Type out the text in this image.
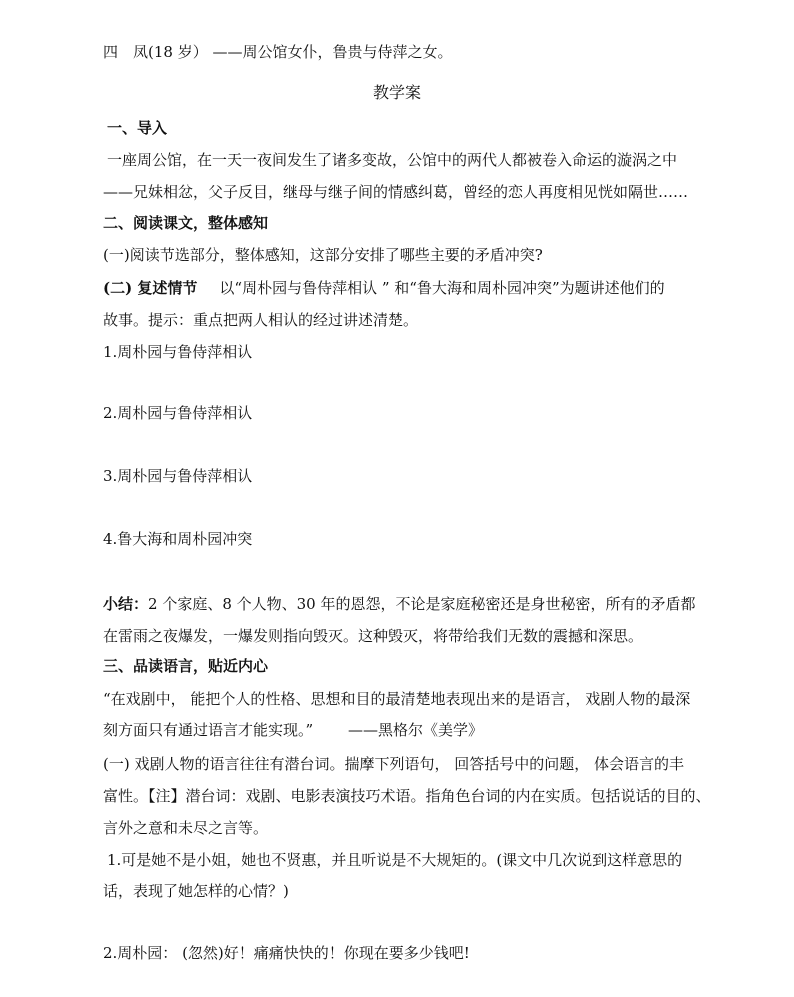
四　凤(18 岁） ——周公馆女仆，鲁贵与侍萍之女。
教学案
一、导入
一座周公馆，在一天一夜间发生了诸多变故，公馆中的两代人都被卷入命运的漩涡之中
——兄妹相忿，父子反目，继母与继子间的情感纠葛，曾经的恋人再度相见恍如隔世……
二、阅读课文，整体感知
(一)阅读节选部分，整体感知，这部分安排了哪些主要的矛盾冲突?
(二) 复述情节 以“周朴园与鲁侍萍相认 ” 和“鲁大海和周朴园冲突”为题讲述他们的
故事。提示：重点把两人相认的经过讲述清楚。
1.周朴园与鲁侍萍相认
2.周朴园与鲁侍萍相认
3.周朴园与鲁侍萍相认
4.鲁大海和周朴园冲突
小结：2 个家庭、8 个人物、30 年的恩怨，不论是家庭秘密还是身世秘密，所有的矛盾都
在雷雨之夜爆发，一爆发则指向毁灭。这种毁灭，将带给我们无数的震撼和深思。
三、品读语言，贴近内心
“在戏剧中， 能把个人的性格、思想和目的最清楚地表现出来的是语言， 戏剧人物的最深
刻方面只有通过语言才能实现。”　　 ——黑格尔《美学》
(一) 戏剧人物的语言往往有潜台词。揣摩下列语句， 回答括号中的问题， 体会语言的丰
富性。【注】潜台词：戏剧、电影表演技巧术语。指角色台词的内在实质。包括说话的目的、
言外之意和未尽之言等。
1.可是她不是小姐，她也不贤惠，并且听说是不大规矩的。(课文中几次说到这样意思的
话，表现了她怎样的心情？)
2.周朴园： (忽然)好！痛痛快快的！你现在要多少钱吧!
